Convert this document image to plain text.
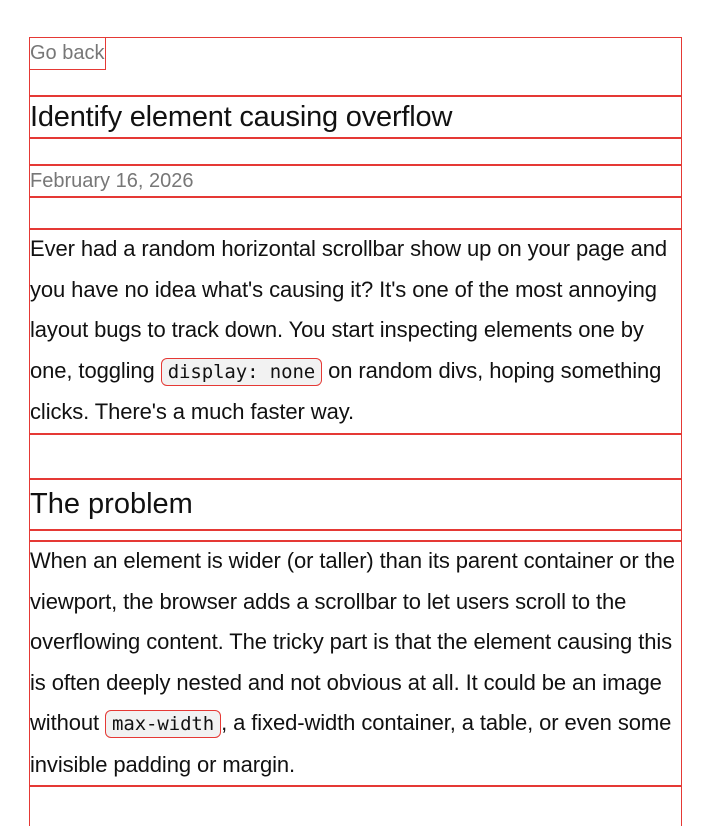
Go back
Identify element causing overflow
February 16, 2026

Ever had a random horizontal scrollbar show up on your page and you have no idea what's causing it? It's one of the most annoying layout bugs to track down. You start inspecting elements one by one, toggling display: none on random divs, hoping something clicks. There's a much faster way.

The problem

When an element is wider (or taller) than its parent container or the viewport, the browser adds a scrollbar to let users scroll to the overflowing content. The tricky part is that the element causing this is often deeply nested and not obvious at all. It could be an image without max-width , a fixed-width container, a table, or even some invisible padding or margin.
